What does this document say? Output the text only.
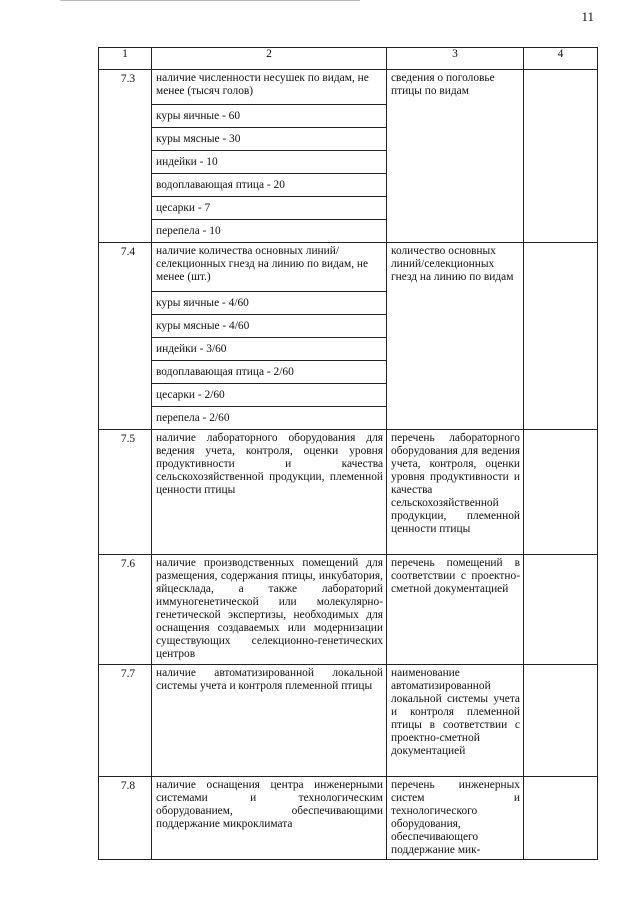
11
1	2	3	4
7.3	наличие численности несушек по видам, не менее (тысяч голов)	сведения о поголовье птицы по видам	
	куры яичные - 60		
	куры мясные - 30		
	индейки - 10		
	водоплавающая птица - 20		
	цесарки - 7		
	перепела - 10		
7.4	наличие количества основных линий/селекционных гнезд на линию по видам, не менее (шт.)	количество основных линий/селекционных гнезд на линию по видам	
	куры яичные - 4/60		
	куры мясные - 4/60		
	индейки - 3/60		
	водоплавающая птица - 2/60		
	цесарки - 2/60		
	перепела - 2/60		
7.5	наличие лабораторного оборудования для ведения учета, контроля, оценки уровня продуктивности и качества сельскохозяйственной продукции, племенной ценности птицы	перечень лабораторного оборудования для ведения учета, контроля, оценки уровня продуктивности и качества сельскохозяйственной продукции, племенной ценности птицы	
7.6	наличие производственных помещений для размещения, содержания птицы, инкубатория, яйцесклада, а также лабораторий иммуногенетической или молекулярно-генетической экспертизы, необходимых для оснащения создаваемых или модернизации существующих селекционно-генетических центров	перечень помещений в соответствии с проектно-сметной документацией	
7.7	наличие автоматизированной локальной системы учета и контроля племенной птицы	наименование автоматизированной локальной системы учета и контроля племенной птицы в соответствии с проектно-сметной документацией	
7.8	наличие оснащения центра инженерными системами и технологическим оборудованием, обеспечивающими поддержание микроклимата	перечень инженерных систем и технологического оборудования, обеспечивающего поддержание мик-	
